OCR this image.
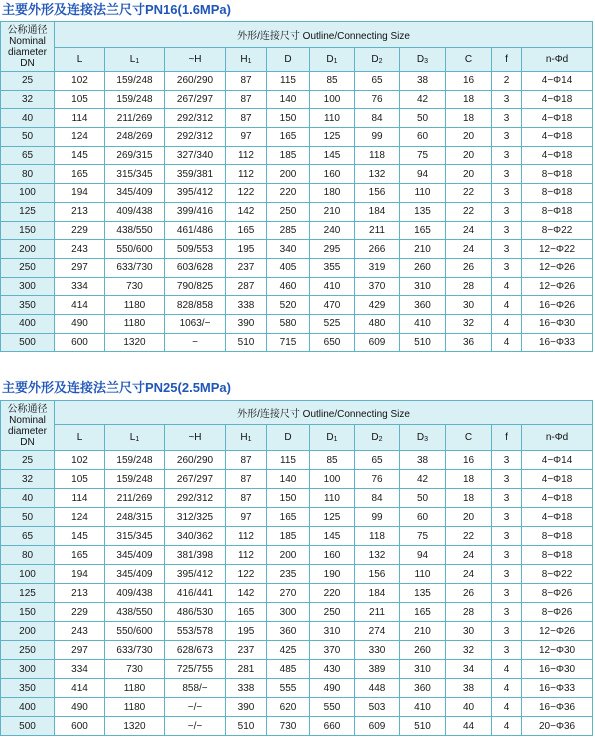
主要外形及连接法兰尺寸PN16(1.6MPa)
公称通径
Nominal
diameter
DN	外形/连接尺寸 Outline/Connecting Size										
	L	L1	~H	H1	D	D1	D2	D3	C	f	n-Φd
25	102	159/248	260/290	87	115	85	65	38	16	2	4−Φ14
32	105	159/248	267/297	87	140	100	76	42	18	3	4−Φ18
40	114	211/269	292/312	87	150	110	84	50	18	3	4−Φ18
50	124	248/269	292/312	97	165	125	99	60	20	3	4−Φ18
65	145	269/315	327/340	112	185	145	118	75	20	3	4−Φ18
80	165	315/345	359/381	112	200	160	132	94	20	3	8−Φ18
100	194	345/409	395/412	122	220	180	156	110	22	3	8−Φ18
125	213	409/438	399/416	142	250	210	184	135	22	3	8−Φ18
150	229	438/550	461/486	165	285	240	211	165	24	3	8−Φ22
200	243	550/600	509/553	195	340	295	266	210	24	3	12−Φ22
250	297	633/730	603/628	237	405	355	319	260	26	3	12−Φ26
300	334	730	790/825	287	460	410	370	310	28	4	12−Φ26
350	414	1180	828/858	338	520	470	429	360	30	4	16−Φ26
400	490	1180	1063/−	390	580	525	480	410	32	4	16−Φ30
500	600	1320	−	510	715	650	609	510	36	4	16−Φ33
主要外形及连接法兰尺寸PN25(2.5MPa)
公称通径
Nominal
diameter
DN	外形/连接尺寸 Outline/Connecting Size										
	L	L1	~H	H1	D	D1	D2	D3	C	f	n-Φd
25	102	159/248	260/290	87	115	85	65	38	16	3	4−Φ14
32	105	159/248	267/297	87	140	100	76	42	18	3	4−Φ18
40	114	211/269	292/312	87	150	110	84	50	18	3	4−Φ18
50	124	248/315	312/325	97	165	125	99	60	20	3	4−Φ18
65	145	315/345	340/362	112	185	145	118	75	22	3	8−Φ18
80	165	345/409	381/398	112	200	160	132	94	24	3	8−Φ18
100	194	345/409	395/412	122	235	190	156	110	24	3	8−Φ22
125	213	409/438	416/441	142	270	220	184	135	26	3	8−Φ26
150	229	438/550	486/530	165	300	250	211	165	28	3	8−Φ26
200	243	550/600	553/578	195	360	310	274	210	30	3	12−Φ26
250	297	633/730	628/673	237	425	370	330	260	32	3	12−Φ30
300	334	730	725/755	281	485	430	389	310	34	4	16−Φ30
350	414	1180	858/−	338	555	490	448	360	38	4	16−Φ33
400	490	1180	−/−	390	620	550	503	410	40	4	16−Φ36
500	600	1320	−/−	510	730	660	609	510	44	4	20−Φ36
